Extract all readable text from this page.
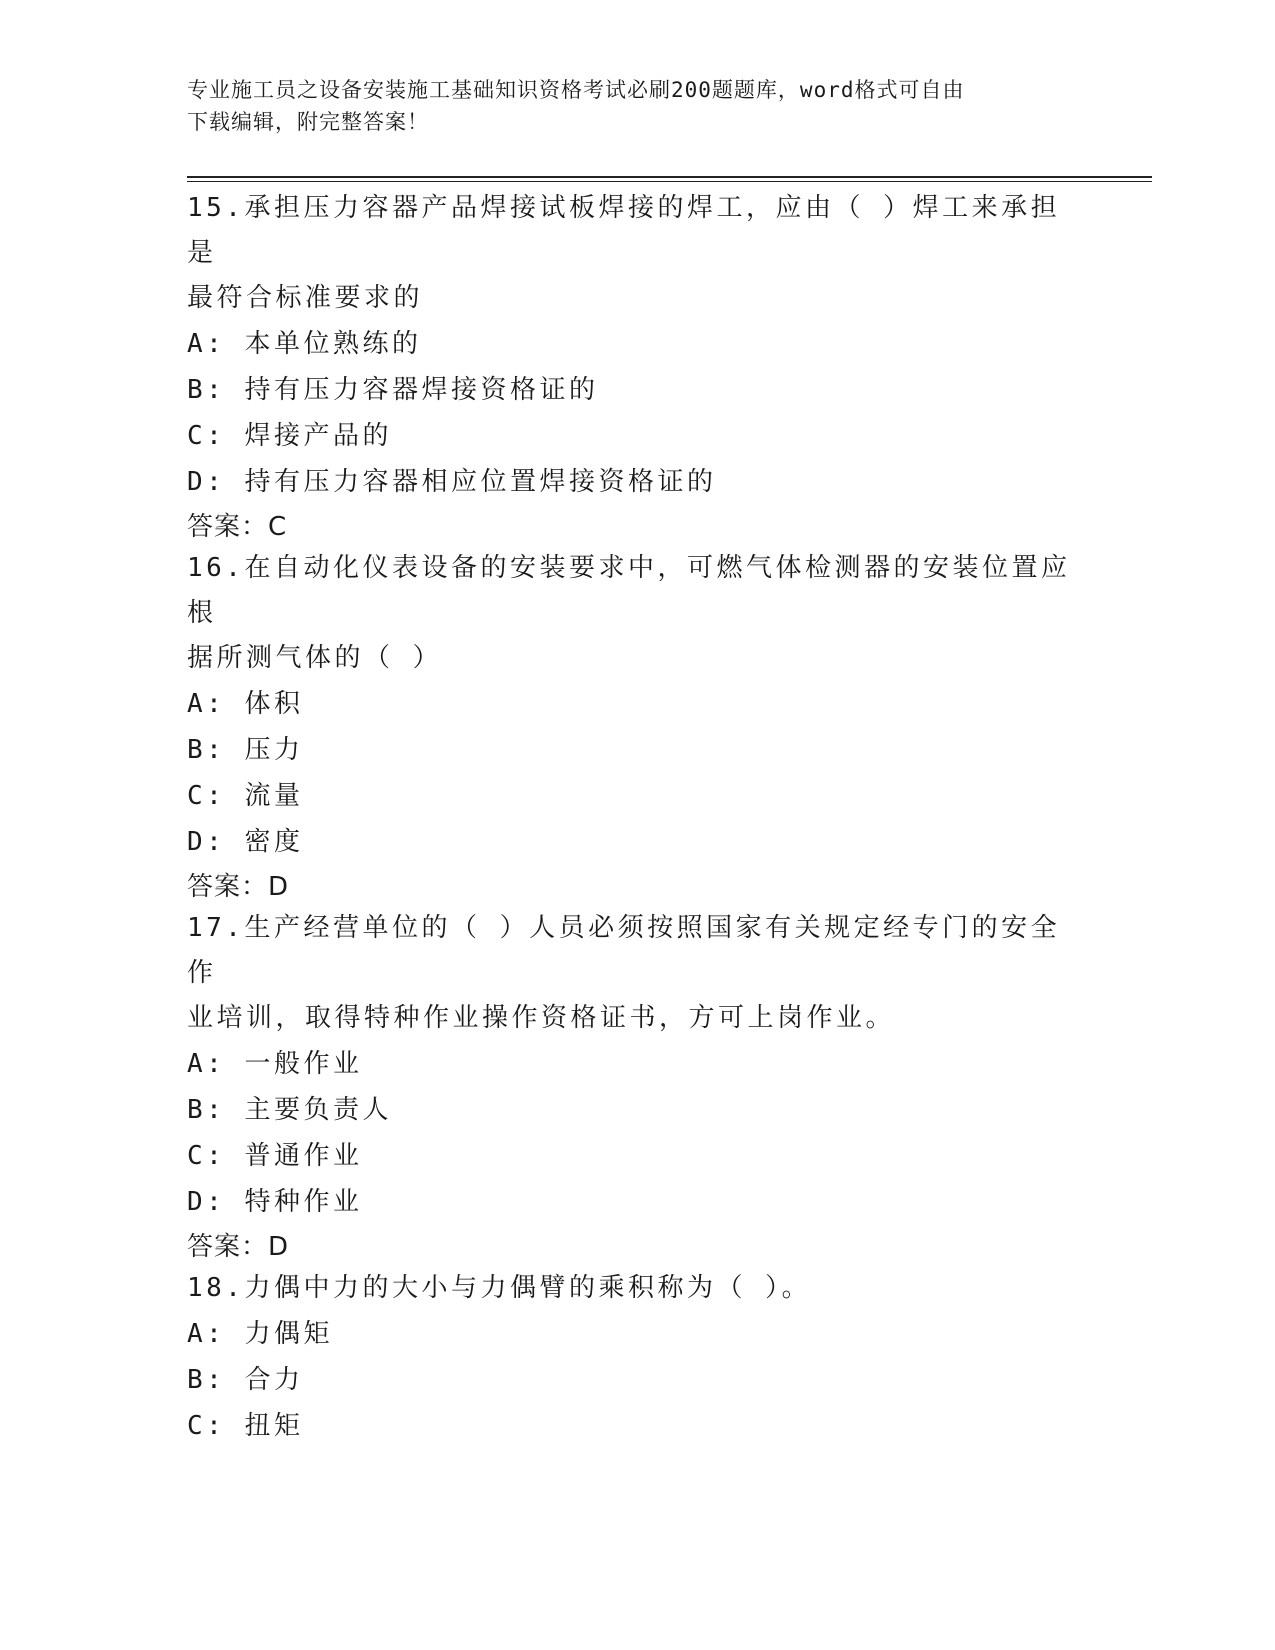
专业施工员之设备安装施工基础知识资格考试必刷200题题库，word格式可自由
下载编辑，附完整答案！
15.承担压力容器产品焊接试板焊接的焊工，应由（ ）焊工来承担是
最符合标准要求的
A: 本单位熟练的
B: 持有压力容器焊接资格证的
C: 焊接产品的
D: 持有压力容器相应位置焊接资格证的
答案：C
16.在自动化仪表设备的安装要求中，可燃气体检测器的安装位置应根
据所测气体的（ ）
A: 体积
B: 压力
C: 流量
D: 密度
答案：D
17.生产经营单位的（ ）人员必须按照国家有关规定经专门的安全作
业培训，取得特种作业操作资格证书，方可上岗作业。
A: 一般作业
B: 主要负责人
C: 普通作业
D: 特种作业
答案：D
18.力偶中力的大小与力偶臂的乘积称为（ ）。
A: 力偶矩
B: 合力
C: 扭矩
